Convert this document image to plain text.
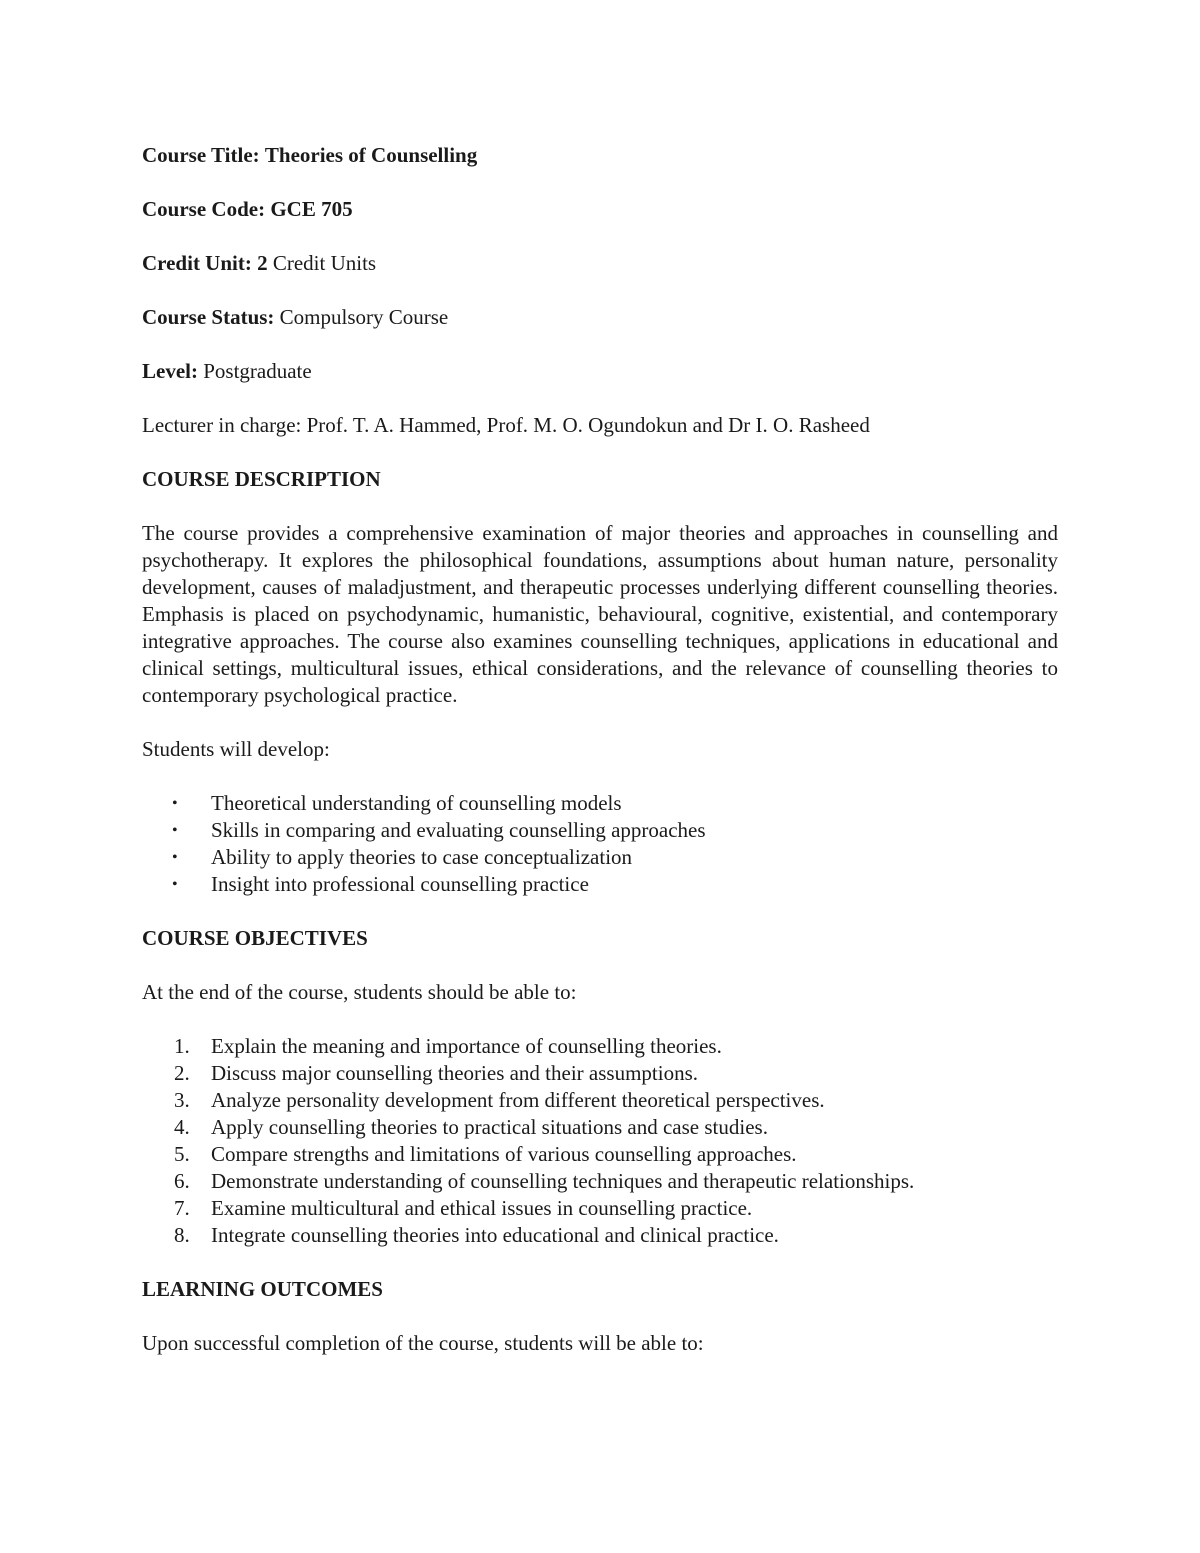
Course Title: Theories of Counselling

Course Code: GCE 705

Credit Unit: 2 Credit Units

Course Status: Compulsory Course

Level: Postgraduate

Lecturer in charge: Prof. T. A. Hammed, Prof. M. O. Ogundokun and Dr I. O. Rasheed

COURSE DESCRIPTION

The course provides a comprehensive examination of major theories and approaches in counselling and psychotherapy. It explores the philosophical foundations, assumptions about human nature, personality development, causes of maladjustment, and therapeutic processes underlying different counselling theories. Emphasis is placed on psychodynamic, humanistic, behavioural, cognitive, existential, and contemporary integrative approaches. The course also examines counselling techniques, applications in educational and clinical settings, multicultural issues, ethical considerations, and the relevance of counselling theories to contemporary psychological practice.

Students will develop:

• Theoretical understanding of counselling models
• Skills in comparing and evaluating counselling approaches
• Ability to apply theories to case conceptualization
• Insight into professional counselling practice

COURSE OBJECTIVES

At the end of the course, students should be able to:

1. Explain the meaning and importance of counselling theories.
2. Discuss major counselling theories and their assumptions.
3. Analyze personality development from different theoretical perspectives.
4. Apply counselling theories to practical situations and case studies.
5. Compare strengths and limitations of various counselling approaches.
6. Demonstrate understanding of counselling techniques and therapeutic relationships.
7. Examine multicultural and ethical issues in counselling practice.
8. Integrate counselling theories into educational and clinical practice.

LEARNING OUTCOMES

Upon successful completion of the course, students will be able to:
